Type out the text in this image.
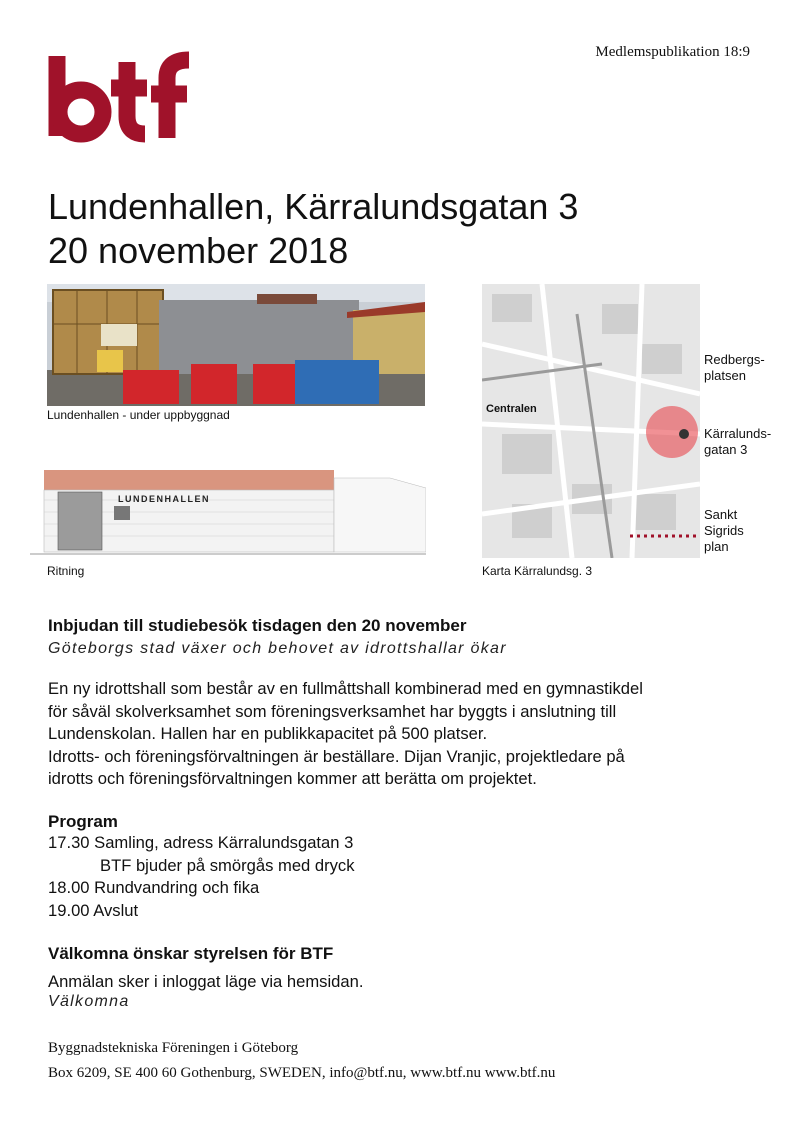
Medlemspublikation 18:9
Lundenhallen, Kärralundsgatan 3
20 november 2018
Lundenhallen - under uppbyggnad
LUNDENHALLEN
Ritning
Centralen
Karta Kärralundsg. 3
Redbergs-
platsen
Kärralunds-
gatan 3
Sankt
Sigrids
plan
Inbjudan till studiebesök tisdagen den 20 november
Göteborgs stad växer och behovet av idrottshallar ökar
En ny idrottshall som består av en fullmåttshall kombinerad med en gymnastikdel
för såväl skolverksamhet som föreningsverksamhet har byggts i anslutning till
Lundenskolan. Hallen har en publikkapacitet på 500 platser.
Idrotts- och föreningsförvaltningen är beställare. Dijan Vranjic, projektledare på
idrotts och föreningsförvaltningen kommer att berätta om projektet.
Program
17.30 Samling, adress Kärralundsgatan 3
BTF bjuder på smörgås med dryck
18.00 Rundvandring och fika
19.00 Avslut
Välkomna önskar styrelsen för BTF
Anmälan sker i inloggat läge via hemsidan.
Välkomna
Byggnadstekniska Föreningen i Göteborg
Box 6209, SE 400 60 Gothenburg, SWEDEN, info@btf.nu, www.btf.nu www.btf.nu
